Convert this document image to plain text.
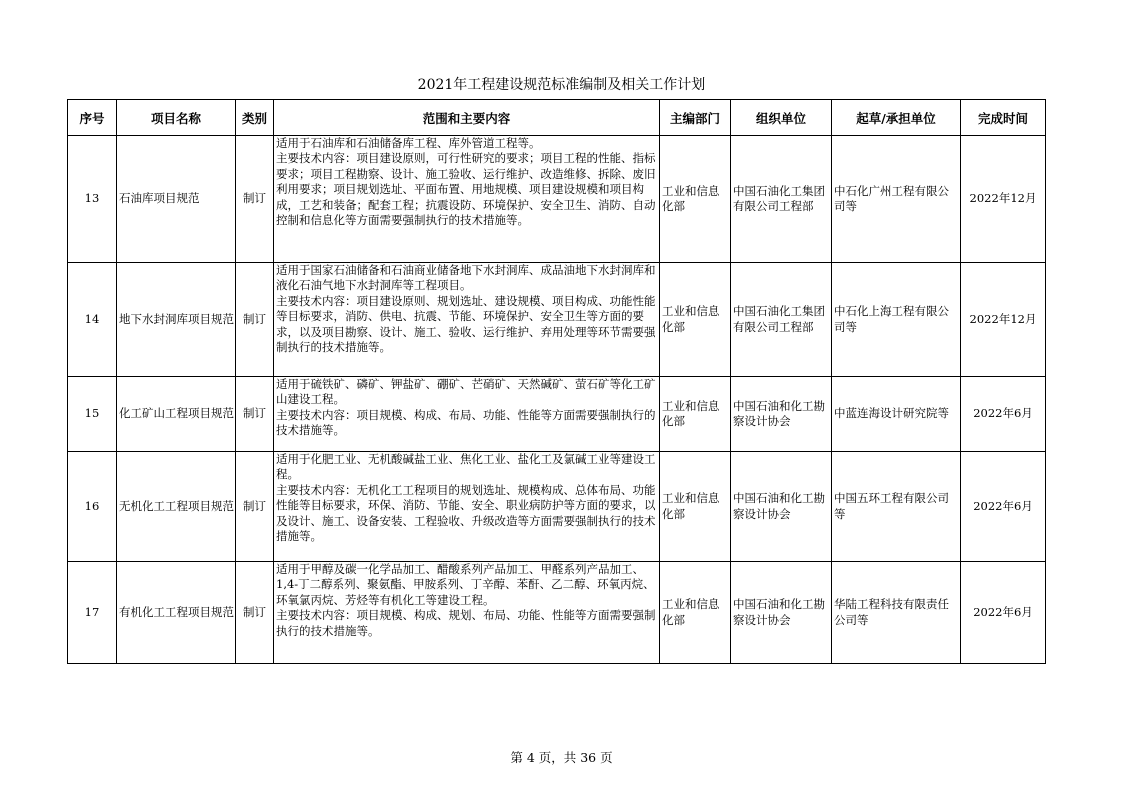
2021年工程建设规范标准编制及相关工作计划
序号	项目名称	类别	范围和主要内容	主编部门	组织单位	起草/承担单位	完成时间
13	石油库项目规范	制订	适用于石油库和石油储备库工程、库外管道工程等。
主要技术内容：项目建设原则，可行性研究的要求；项目工程的性能、指标要求；项目工程勘察、设计、施工验收、运行维护、改造维修、拆除、废旧利用要求；项目规划选址、平面布置、用地规模、项目建设规模和项目构成，工艺和装备；配套工程；抗震设防、环境保护、安全卫生、消防、自动控制和信息化等方面需要强制执行的技术措施等。	工业和信息化部	中国石油化工集团有限公司工程部	中石化广州工程有限公司等	2022年12月
14	地下水封洞库项目规范	制订	适用于国家石油储备和石油商业储备地下水封洞库、成品油地下水封洞库和液化石油气地下水封洞库等工程项目。
主要技术内容：项目建设原则、规划选址、建设规模、项目构成、功能性能等目标要求，消防、供电、抗震、节能、环境保护、安全卫生等方面的要求，以及项目勘察、设计、施工、验收、运行维护、弃用处理等环节需要强制执行的技术措施等。	工业和信息化部	中国石油化工集团有限公司工程部	中石化上海工程有限公司等	2022年12月
15	化工矿山工程项目规范	制订	适用于硫铁矿、磷矿、钾盐矿、硼矿、芒硝矿、天然碱矿、萤石矿等化工矿山建设工程。
主要技术内容：项目规模、构成、布局、功能、性能等方面需要强制执行的技术措施等。	工业和信息化部	中国石油和化工勘察设计协会	中蓝连海设计研究院等	2022年6月
16	无机化工工程项目规范	制订	适用于化肥工业、无机酸碱盐工业、焦化工业、盐化工及氯碱工业等建设工程。
主要技术内容：无机化工工程项目的规划选址、规模构成、总体布局、功能性能等目标要求，环保、消防、节能、安全、职业病防护等方面的要求，以及设计、施工、设备安装、工程验收、升级改造等方面需要强制执行的技术措施等。	工业和信息化部	中国石油和化工勘察设计协会	中国五环工程有限公司等	2022年6月
17	有机化工工程项目规范	制订	适用于甲醇及碳一化学品加工、醋酸系列产品加工、甲醛系列产品加工、1,4-丁二醇系列、聚氨酯、甲胺系列、丁辛醇、苯酐、乙二醇、环氧丙烷、环氧氯丙烷、芳烃等有机化工等建设工程。
主要技术内容：项目规模、构成、规划、布局、功能、性能等方面需要强制执行的技术措施等。	工业和信息化部	中国石油和化工勘察设计协会	华陆工程科技有限责任公司等	2022年6月
第 4 页，共 36 页
